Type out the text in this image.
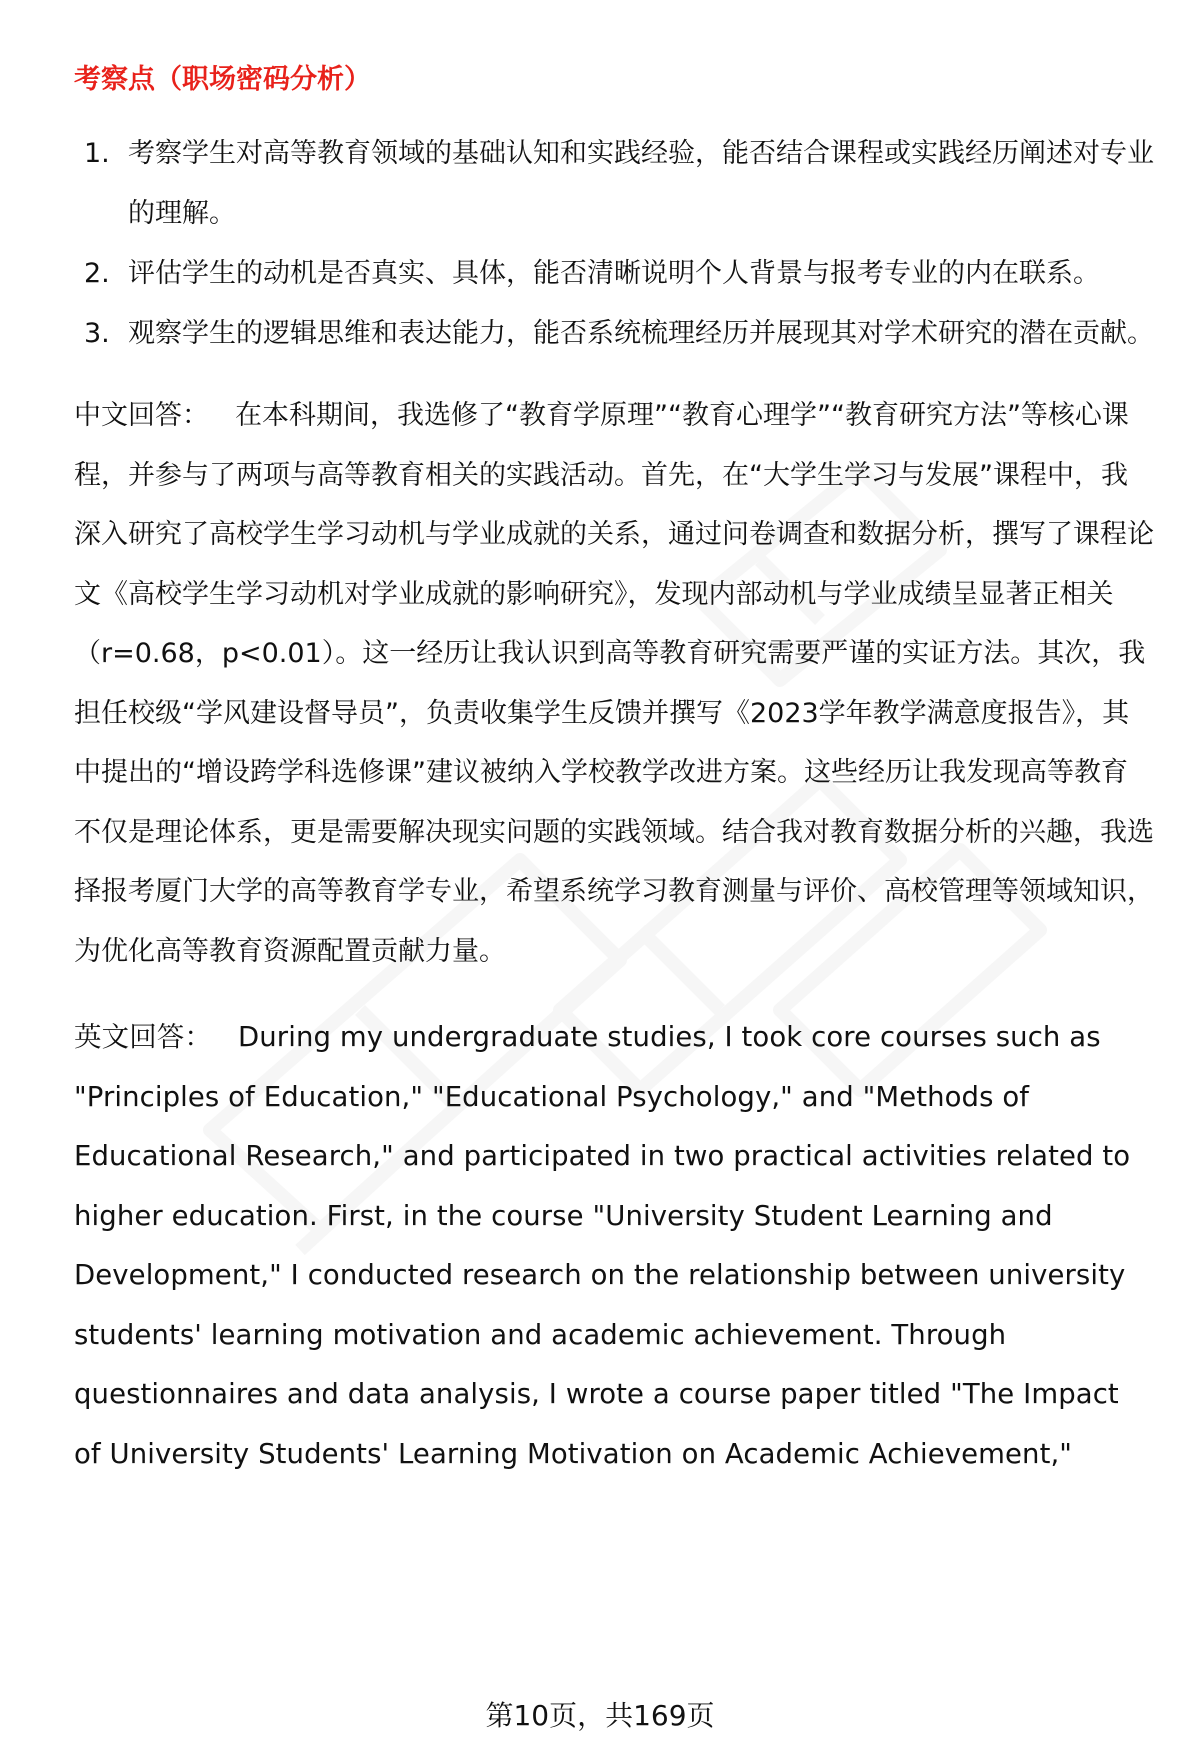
考察点（职场密码分析）
1. 考察学生对高等教育领域的基础认知和实践经验，能否结合课程或实践经历阐述对专业的理解。
2. 评估学生的动机是否真实、具体，能否清晰说明个人背景与报考专业的内在联系。
3. 观察学生的逻辑思维和表达能力，能否系统梳理经历并展现其对学术研究的潜在贡献。

中文回答： 在本科期间，我选修了“教育学原理”“教育心理学”“教育研究方法”等核心课程，并参与了两项与高等教育相关的实践活动。首先，在“大学生学习与发展”课程中，我深入研究了高校学生学习动机与学业成就的关系，通过问卷调查和数据分析，撰写了课程论文《高校学生学习动机对学业成就的影响研究》，发现内部动机与学业成绩呈显著正相关（r=0.68，p<0.01）。这一经历让我认识到高等教育研究需要严谨的实证方法。其次，我担任校级“学风建设督导员”，负责收集学生反馈并撰写《2023学年教学满意度报告》，其中提出的“增设跨学科选修课”建议被纳入学校教学改进方案。这些经历让我发现高等教育不仅是理论体系，更是需要解决现实问题的实践领域。结合我对教育数据分析的兴趣，我选择报考厦门大学的高等教育学专业，希望系统学习教育测量与评价、高校管理等领域知识，为优化高等教育资源配置贡献力量。

英文回答： During my undergraduate studies, I took core courses such as "Principles of Education," "Educational Psychology," and "Methods of Educational Research," and participated in two practical activities related to higher education. First, in the course "University Student Learning and Development," I conducted research on the relationship between university students' learning motivation and academic achievement. Through questionnaires and data analysis, I wrote a course paper titled "The Impact of University Students' Learning Motivation on Academic Achievement,"

第10页，共169页
